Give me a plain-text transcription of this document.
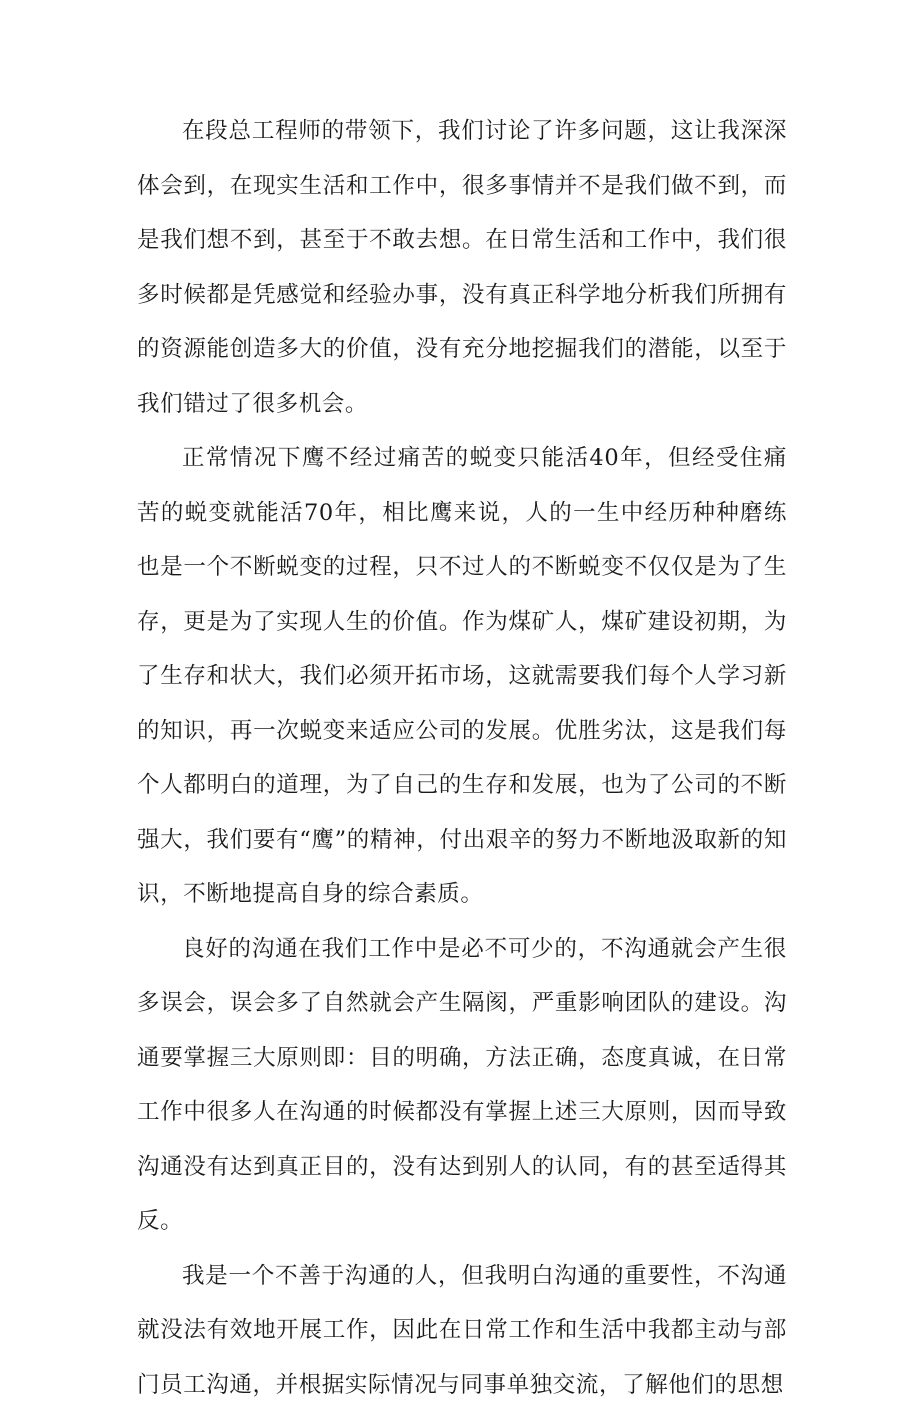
在段总工程师的带领下，我们讨论了许多问题，这让我深深体会到，在现实生活和工作中，很多事情并不是我们做不到，而是我们想不到，甚至于不敢去想。在日常生活和工作中，我们很多时候都是凭感觉和经验办事，没有真正科学地分析我们所拥有的资源能创造多大的价值，没有充分地挖掘我们的潜能，以至于我们错过了很多机会。

正常情况下鹰不经过痛苦的蜕变只能活40年，但经受住痛苦的蜕变就能活70年，相比鹰来说，人的一生中经历种种磨练也是一个不断蜕变的过程，只不过人的不断蜕变不仅仅是为了生存，更是为了实现人生的价值。作为煤矿人，煤矿建设初期，为了生存和状大，我们必须开拓市场，这就需要我们每个人学习新的知识，再一次蜕变来适应公司的发展。优胜劣汰，这是我们每个人都明白的道理，为了自己的生存和发展，也为了公司的不断强大，我们要有“鹰”的精神，付出艰辛的努力不断地汲取新的知识，不断地提高自身的综合素质。

良好的沟通在我们工作中是必不可少的，不沟通就会产生很多误会，误会多了自然就会产生隔阂，严重影响团队的建设。沟通要掌握三大原则即：目的明确，方法正确，态度真诚，在日常工作中很多人在沟通的时候都没有掌握上述三大原则，因而导致沟通没有达到真正目的，没有达到别人的认同，有的甚至适得其反。

我是一个不善于沟通的人，但我明白沟通的重要性，不沟通就没法有效地开展工作，因此在日常工作和生活中我都主动与部门员工沟通，并根据实际情况与同事单独交流，了解他们的思想
